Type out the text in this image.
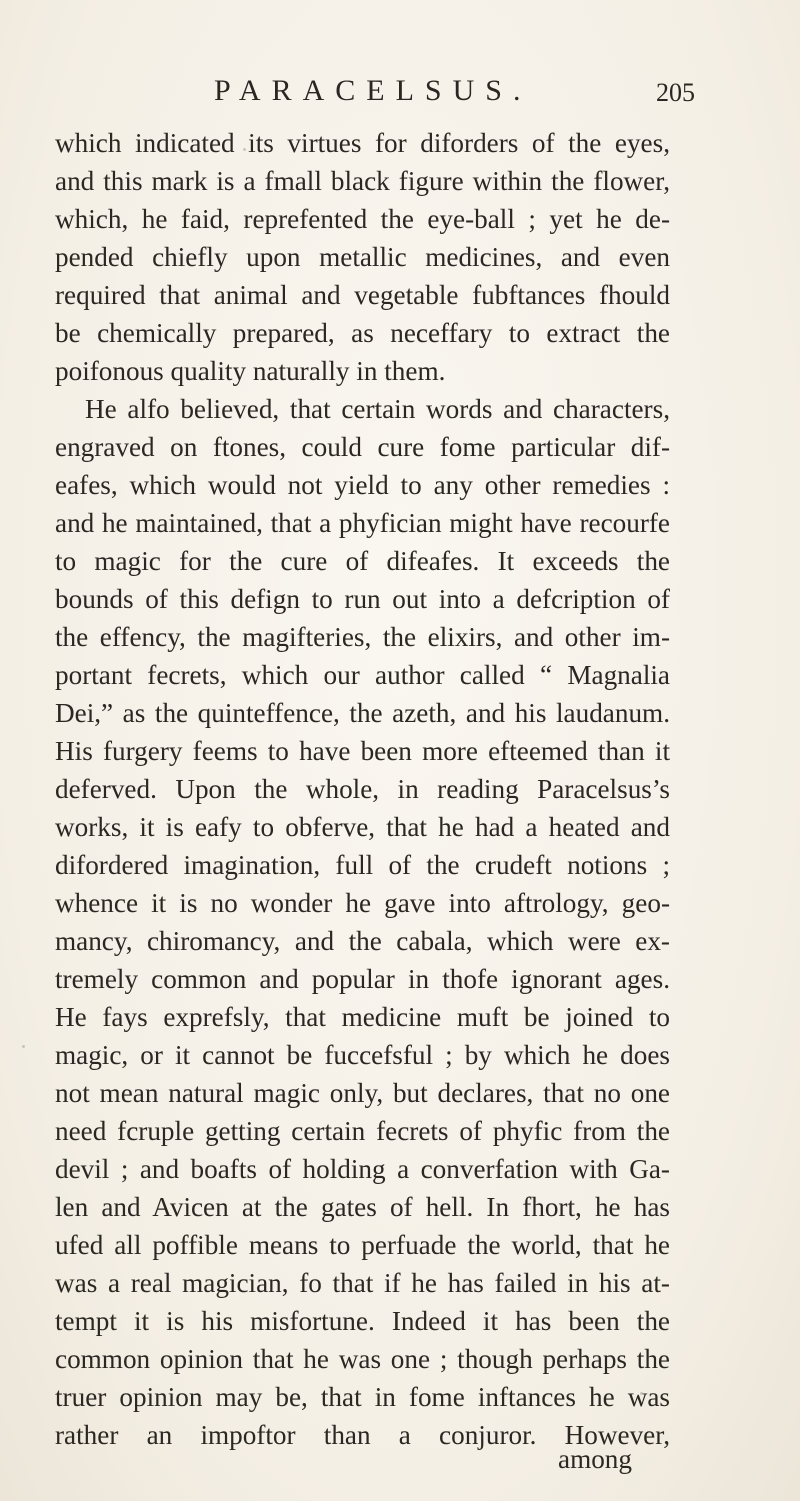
PARACELSUS.	205
which indicated its virtues for diforders of the eyes,
and this mark is a fmall black figure within the flower,
which, he faid, reprefented the eye-ball ; yet he de-
pended chiefly upon metallic medicines, and even
required that animal and vegetable fubftances fhould
be chemically prepared, as neceffary to extract the
poifonous quality naturally in them.
He alfo believed, that certain words and characters,
engraved on ftones, could cure fome particular dif-
eafes, which would not yield to any other remedies :
and he maintained, that a phyfician might have recourfe
to magic for the cure of difeafes. It exceeds the
bounds of this defign to run out into a defcription of
the effency, the magifteries, the elixirs, and other im-
portant fecrets, which our author called “ Magnalia
Dei,” as the quinteffence, the azeth, and his laudanum.
His furgery feems to have been more efteemed than it
deferved. Upon the whole, in reading Paracelsus’s
works, it is eafy to obferve, that he had a heated and
difordered imagination, full of the crudeft notions ;
whence it is no wonder he gave into aftrology, geo-
mancy, chiromancy, and the cabala, which were ex-
tremely common and popular in thofe ignorant ages.
He fays exprefsly, that medicine muft be joined to
magic, or it cannot be fuccefsful ; by which he does
not mean natural magic only, but declares, that no one
need fcruple getting certain fecrets of phyfic from the
devil ; and boafts of holding a converfation with Ga-
len and Avicen at the gates of hell. In fhort, he has
ufed all poffible means to perfuade the world, that he
was a real magician, fo that if he has failed in his at-
tempt it is his misfortune. Indeed it has been the
common opinion that he was one ; though perhaps the
truer opinion may be, that in fome inftances he was
rather an impoftor than a conjuror. However,
among
